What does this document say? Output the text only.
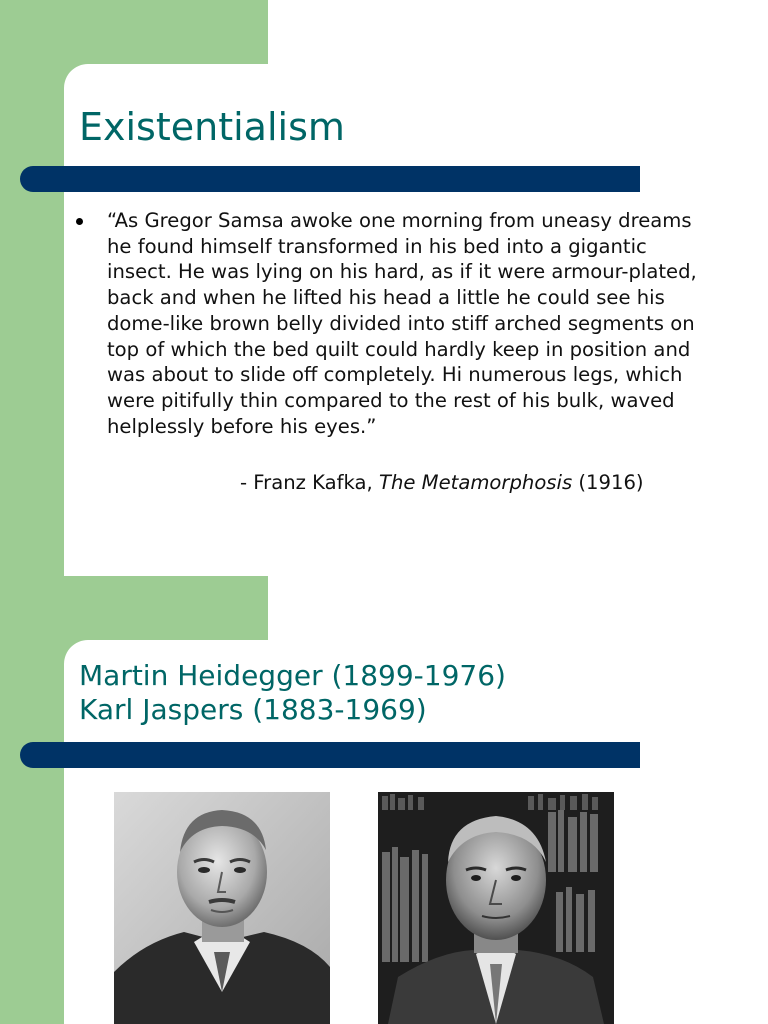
Existentialism

“As Gregor Samsa awoke one morning from uneasy dreams he found himself transformed in his bed into a gigantic insect. He was lying on his hard, as if it were armour-plated, back and when he lifted his head a little he could see his dome-like brown belly divided into stiff arched segments on top of which the bed quilt could hardly keep in position and was about to slide off completely. Hi numerous legs, which were pitifully thin compared to the rest of his bulk, waved helplessly before his eyes.”

- Franz Kafka, The Metamorphosis (1916)
Martin Heidegger (1899-1976)
Karl Jaspers (1883-1969)
